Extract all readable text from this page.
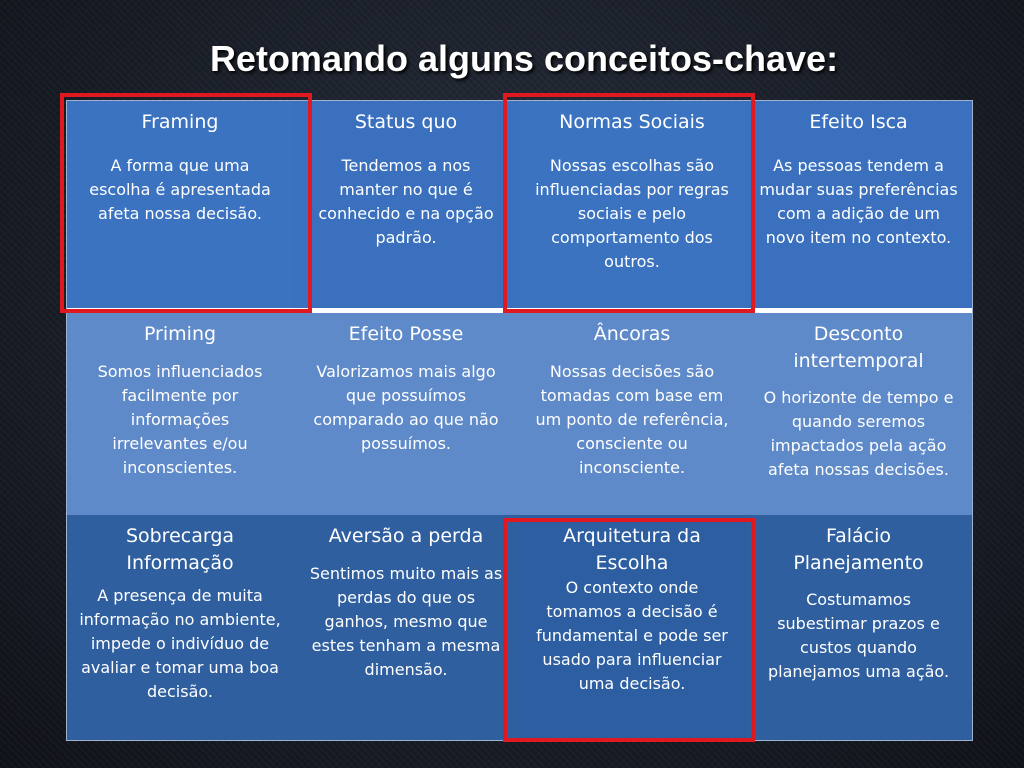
Retomando alguns conceitos-chave:
Framing
A forma que uma escolha é apresentada afeta nossa decisão.
Status quo
Tendemos a nos manter no que é conhecido e na opção padrão.
Normas Sociais
Nossas escolhas são influenciadas por regras sociais e pelo comportamento dos outros.
Efeito Isca
As pessoas tendem a mudar suas preferências com a adição de um novo item no contexto.
Priming
Somos influenciados facilmente por informações irrelevantes e/ou inconscientes.
Efeito Posse
Valorizamos mais algo que possuímos comparado ao que não possuímos.
Âncoras
Nossas decisões são tomadas com base em um ponto de referência, consciente ou inconsciente.
Desconto intertemporal
O horizonte de tempo e quando seremos impactados pela ação afeta nossas decisões.
Sobrecarga Informação
A presença de muita informação no ambiente, impede o indivíduo de avaliar e tomar uma boa decisão.
Aversão a perda
Sentimos muito mais as perdas do que os ganhos, mesmo que estes tenham a mesma dimensão.
Arquitetura da Escolha
O contexto onde tomamos a decisão é fundamental e pode ser usado para influenciar uma decisão.
Falácio Planejamento
Costumamos subestimar prazos e custos quando planejamos uma ação.
